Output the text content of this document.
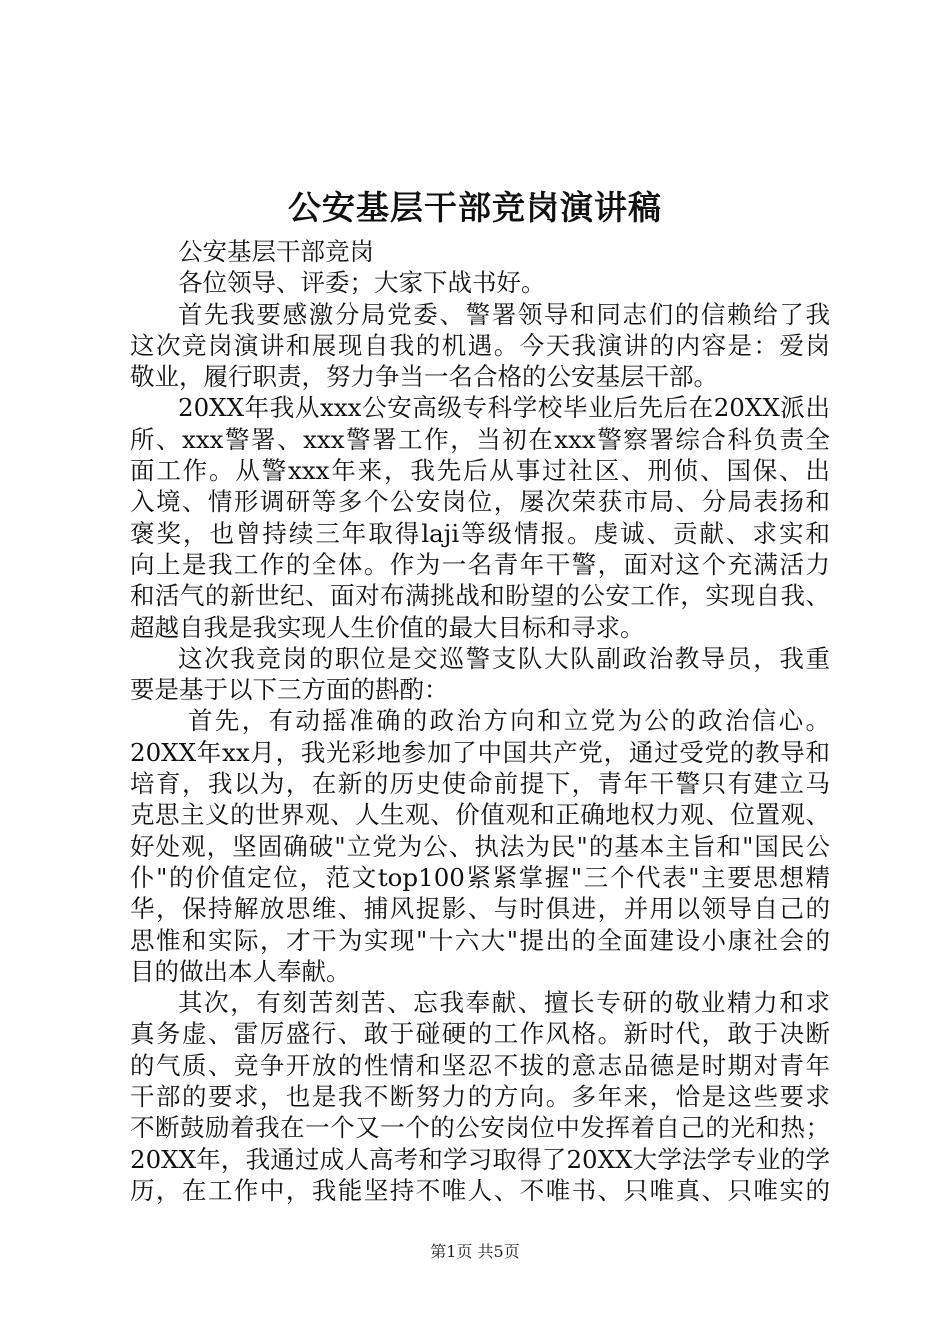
公安基层干部竞岗演讲稿
公安基层干部竞岗
各位领导、评委；大家下战书好。
首先我要感激分局党委、警署领导和同志们的信赖给了我
这次竞岗演讲和展现自我的机遇。今天我演讲的内容是：爱岗
敬业，履行职责，努力争当一名合格的公安基层干部。
20XX年我从xxx公安高级专科学校毕业后先后在20XX派出
所、xxx警署、xxx警署工作，当初在xxx警察署综合科负责全
面工作。从警xxx年来，我先后从事过社区、刑侦、国保、出
入境、情形调研等多个公安岗位，屡次荣获市局、分局表扬和
褒奖，也曾持续三年取得laji等级情报。虔诚、贡献、求实和
向上是我工作的全体。作为一名青年干警，面对这个充满活力
和活气的新世纪、面对布满挑战和盼望的公安工作，实现自我、
超越自我是我实现人生价值的最大目标和寻求。
这次我竞岗的职位是交巡警支队大队副政治教导员，我重
要是基于以下三方面的斟酌：
首先，有动摇准确的政治方向和立党为公的政治信心。
20XX年xx月，我光彩地参加了中国共产党，通过受党的教导和
培育，我以为，在新的历史使命前提下，青年干警只有建立马
克思主义的世界观、人生观、价值观和正确地权力观、位置观、
好处观，坚固确破"立党为公、执法为民"的基本主旨和"国民公
仆"的价值定位，范文top100紧紧掌握"三个代表"主要思想精
华，保持解放思维、捕风捉影、与时俱进，并用以领导自己的
思惟和实际，才干为实现"十六大"提出的全面建设小康社会的
目的做出本人奉献。
其次，有刻苦刻苦、忘我奉献、擅长专研的敬业精力和求
真务虚、雷厉盛行、敢于碰硬的工作风格。新时代，敢于决断
的气质、竞争开放的性情和坚忍不拔的意志品德是时期对青年
干部的要求，也是我不断努力的方向。多年来，恰是这些要求
不断鼓励着我在一个又一个的公安岗位中发挥着自己的光和热；
20XX年，我通过成人高考和学习取得了20XX大学法学专业的学
历，在工作中，我能坚持不唯人、不唯书、只唯真、只唯实的
第1页 共5页
